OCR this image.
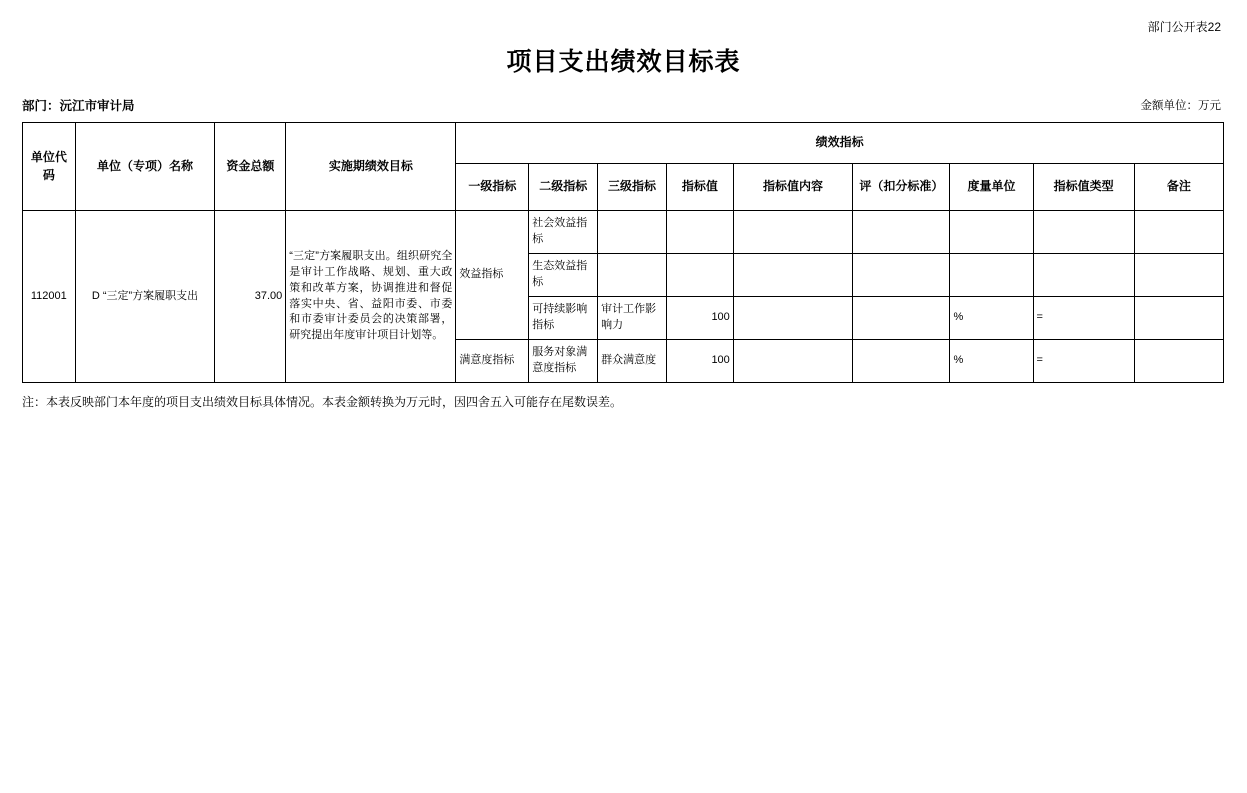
部门公开表22
项目支出绩效目标表
部门：沅江市审计局	金额单位：万元
单位代码	单位（专项）名称	资金总额	实施期绩效目标	绩效指标								
				一级指标	二级指标	三级指标	指标值	指标值内容	评（扣分标准）	度量单位	指标值类型	备注
112001	D “三定”方案履职支出	37.00	“三定”方案履职支出。组织研究全是审计工作战略、规划、重大政策和改革方案，协调推进和督促落实中央、省、益阳市委、市委和市委审计委员会的决策部署，研究提出年度审计项目计划等。	效益指标	社会效益指标							
					生态效益指标							
					可持续影响指标	审计工作影响力	100			%	=	
				满意度指标	服务对象满意度指标	群众满意度	100			%	=	
注：本表反映部门本年度的项目支出绩效目标具体情况。本表金额转换为万元时，因四舍五入可能存在尾数误差。
